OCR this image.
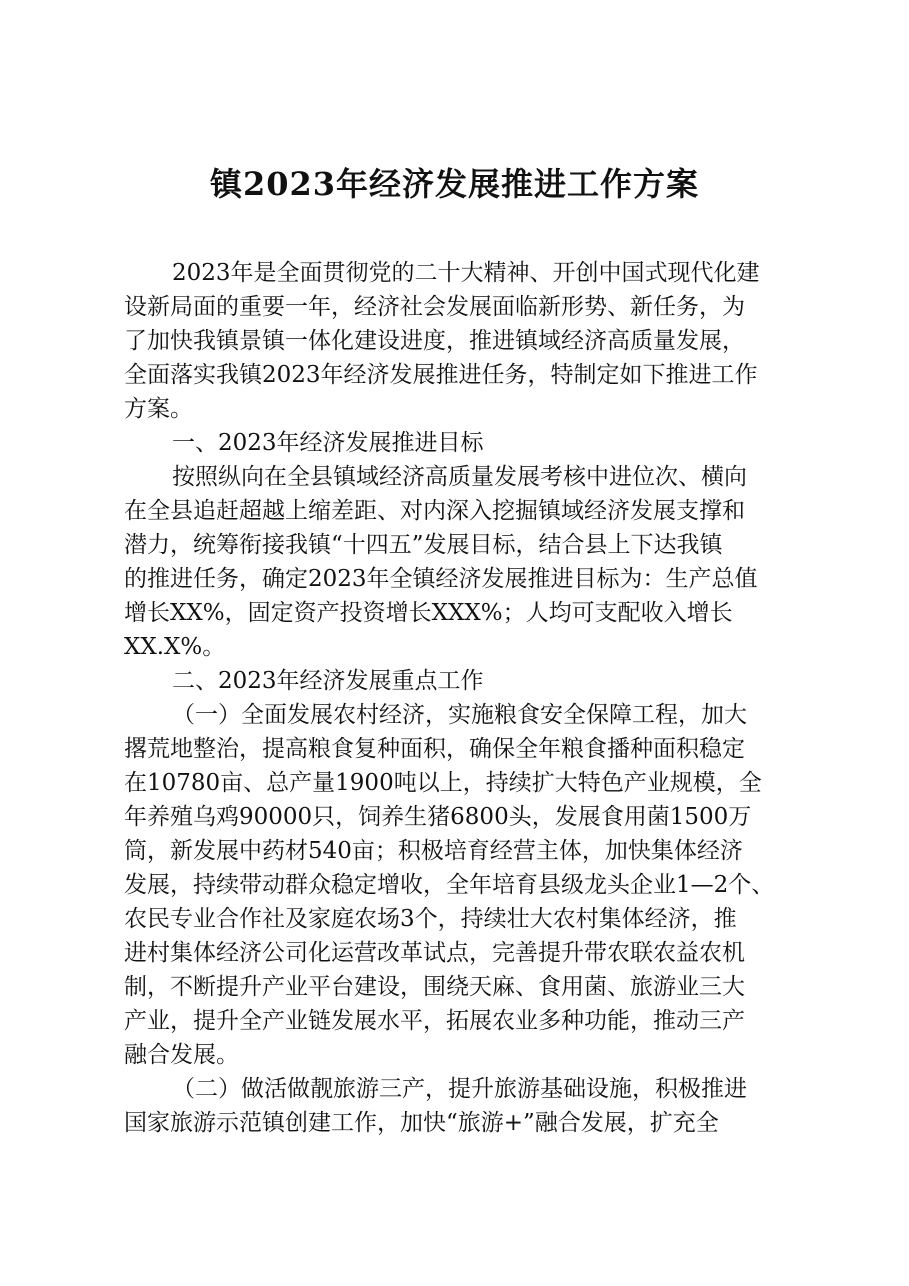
镇2023年经济发展推进工作方案
2023年是全面贯彻党的二十大精神、开创中国式现代化建
设新局面的重要一年，经济社会发展面临新形势、新任务，为
了加快我镇景镇一体化建设进度，推进镇域经济高质量发展，
全面落实我镇2023年经济发展推进任务，特制定如下推进工作
方案。
一、2023年经济发展推进目标
按照纵向在全县镇域经济高质量发展考核中进位次、横向
在全县追赶超越上缩差距、对内深入挖掘镇域经济发展支撑和
潜力，统筹衔接我镇“十四五”发展目标，结合县上下达我镇
的推进任务，确定2023年全镇经济发展推进目标为：生产总值
增长XX%，固定资产投资增长XXX%；人均可支配收入增长
XX.X%。
二、2023年经济发展重点工作
（一）全面发展农村经济，实施粮食安全保障工程，加大
撂荒地整治，提高粮食复种面积，确保全年粮食播种面积稳定
在10780亩、总产量1900吨以上，持续扩大特色产业规模，全
年养殖乌鸡90000只，饲养生猪6800头，发展食用菌1500万
筒，新发展中药材540亩；积极培育经营主体，加快集体经济
发展，持续带动群众稳定增收，全年培育县级龙头企业1—2个、
农民专业合作社及家庭农场3个，持续壮大农村集体经济，推
进村集体经济公司化运营改革试点，完善提升带农联农益农机
制，不断提升产业平台建设，围绕天麻、食用菌、旅游业三大
产业，提升全产业链发展水平，拓展农业多种功能，推动三产
融合发展。
（二）做活做靓旅游三产，提升旅游基础设施，积极推进
国家旅游示范镇创建工作，加快“旅游+”融合发展，扩充全
